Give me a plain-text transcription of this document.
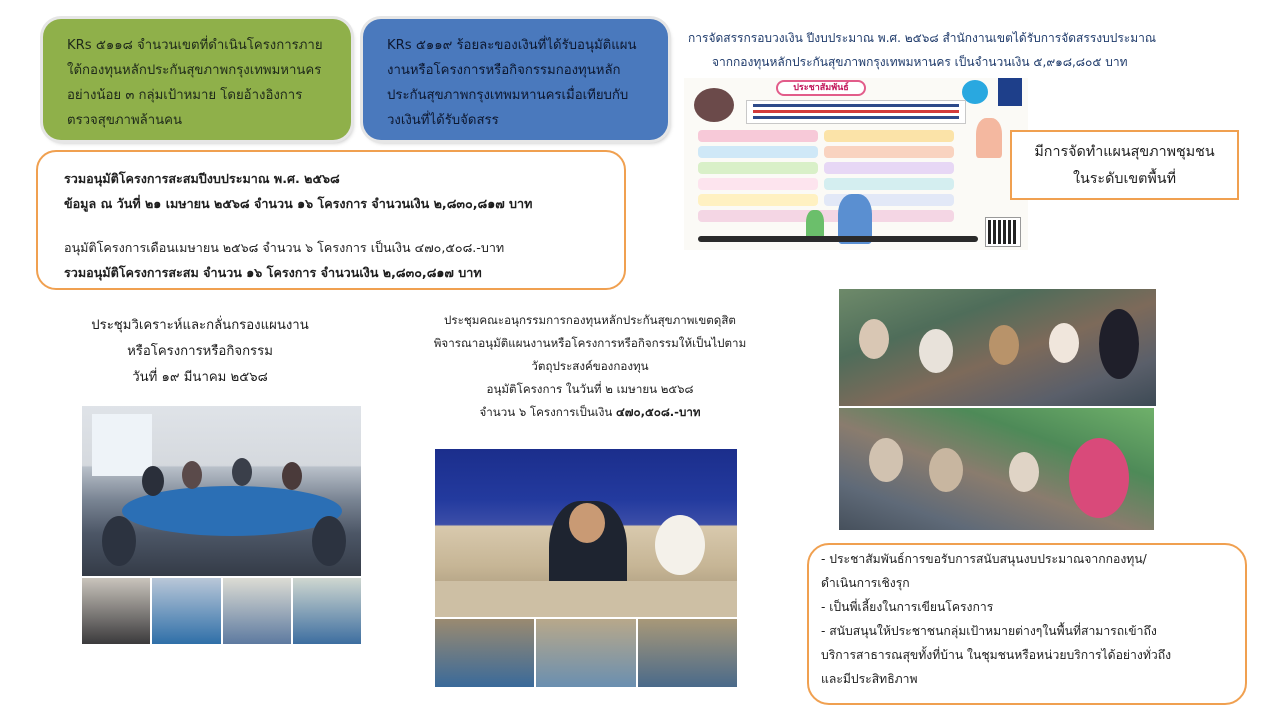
KRs ๕๑๑๘ จำนวนเขตที่ดำเนินโครงการภายใต้กองทุนหลักประกันสุขภาพกรุงเทพมหานครอย่างน้อย ๓ กลุ่มเป้าหมาย โดยอ้างอิงการตรวจสุขภาพล้านคน
KRs ๕๑๑๙ ร้อยละของเงินที่ได้รับอนุมัติแผนงานหรือโครงการหรือกิจกรรมกองทุนหลักประกันสุขภาพกรุงเทพมหานครเมื่อเทียบกับวงเงินที่ได้รับจัดสรร
รวมอนุมัติโครงการสะสมปีงบประมาณ พ.ศ. ๒๕๖๘
ข้อมูล ณ วันที่ ๒๑ เมษายน ๒๕๖๘ จำนวน ๑๖ โครงการ จำนวนเงิน ๒,๘๓๐,๘๑๗ บาท
อนุมัติโครงการเดือนเมษายน ๒๕๖๘ จำนวน ๖ โครงการ เป็นเงิน ๔๗๐,๕๐๘.-บาท
รวมอนุมัติโครงการสะสม จำนวน ๑๖ โครงการ จำนวนเงิน ๒,๘๓๐,๘๑๗ บาท
การจัดสรรกรอบวงเงิน ปีงบประมาณ พ.ศ. ๒๕๖๘ สำนักงานเขตได้รับการจัดสรรงบประมาณ
จากกองทุนหลักประกันสุขภาพกรุงเทพมหานคร เป็นจำนวนเงิน ๕,๙๑๘,๘๐๕ บาท
ประชาสัมพันธ์
มีการจัดทำแผนสุขภาพชุมชน
ในระดับเขตพื้นที่
ประชุมวิเคราะห์และกลั่นกรองแผนงาน
หรือโครงการหรือกิจกรรม
วันที่ ๑๙ มีนาคม ๒๕๖๘
ประชุมคณะอนุกรรมการกองทุนหลักประกันสุขภาพเขตดุสิต
พิจารณาอนุมัติแผนงานหรือโครงการหรือกิจกรรมให้เป็นไปตาม
วัตถุประสงค์ของกองทุน
อนุมัติโครงการ ในวันที่ ๒ เมษายน ๒๕๖๘
จำนวน ๖ โครงการเป็นเงิน ๔๗๐,๕๐๘.-บาท
- ประชาสัมพันธ์การขอรับการสนับสนุนงบประมาณจากกองทุน/
ดำเนินการเชิงรุก
- เป็นพี่เลี้ยงในการเขียนโครงการ
- สนับสนุนให้ประชาชนกลุ่มเป้าหมายต่างๆในพื้นที่สามารถเข้าถึง
บริการสาธารณสุขทั้งที่บ้าน ในชุมชนหรือหน่วยบริการได้อย่างทั่วถึง
และมีประสิทธิภาพ
